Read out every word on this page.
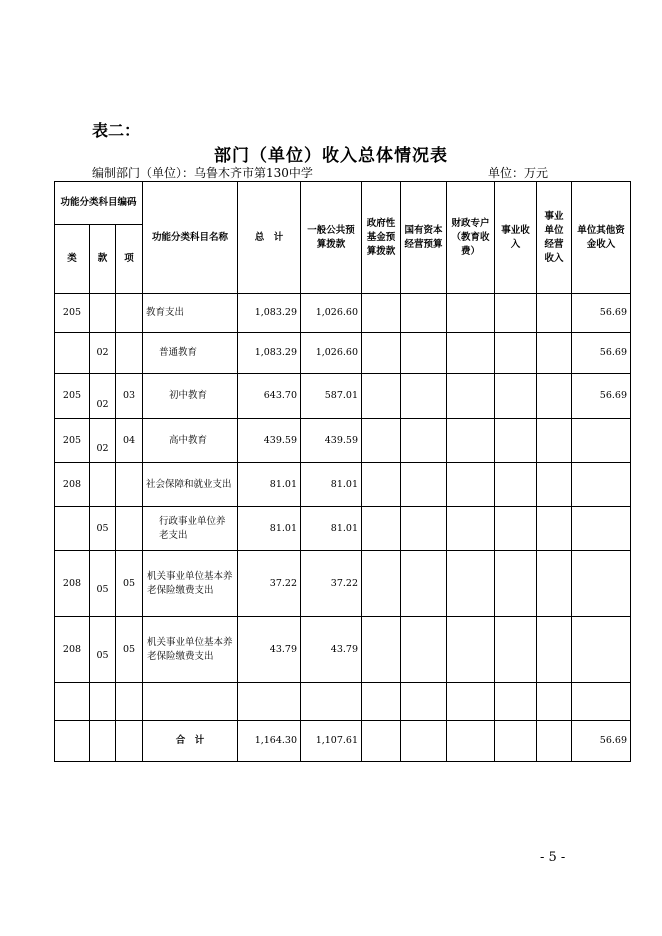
表二：
部门（单位）收入总体情况表
编制部门（单位）：乌鲁木齐市第130中学	单位：万元
功能分类科目编码			功能分类科目名称	总　计	一般公共预算拨款	政府性基金预算拨款	国有资本经营预算	财政专户（教育收费）	事业收入	事业单位经营收入	单位其他资金收入
类	款	项									
205			教育支出	1,083.29	1,026.60						56.69
	02		普通教育	1,083.29	1,026.60						56.69
205	02	03	初中教育	643.70	587.01						56.69
205	02	04	高中教育	439.59	439.59						
208			社会保障和就业支出	81.01	81.01						
	05		行政事业单位养老支出	81.01	81.01						
208	05	05	机关事业单位基本养老保险缴费支出	37.22	37.22						
208	05	05	机关事业单位基本养老保险缴费支出	43.79	43.79						

			合　计	1,164.30	1,107.61						56.69
- 5 -
